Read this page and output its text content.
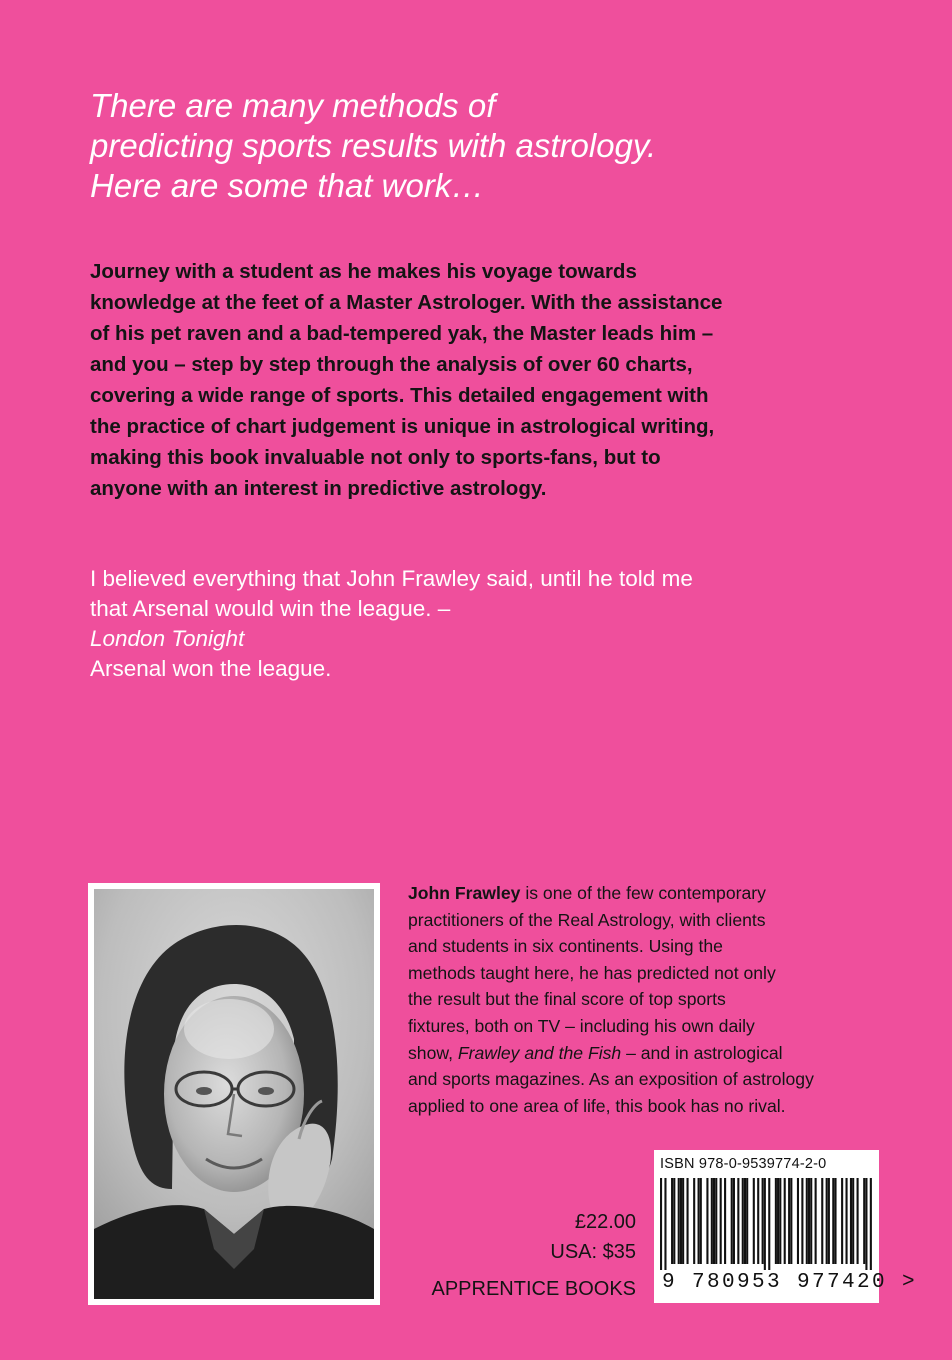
There are many methods of
predicting sports results with astrology.
Here are some that work…

Journey with a student as he makes his voyage towards
knowledge at the feet of a Master Astrologer. With the assistance
of his pet raven and a bad-tempered yak, the Master leads him –
and you – step by step through the analysis of over 60 charts,
covering a wide range of sports. This detailed engagement with
the practice of chart judgement is unique in astrological writing,
making this book invaluable not only to sports-fans, but to
anyone with an interest in predictive astrology.

I believed everything that John Frawley said, until he told me
that Arsenal would win the league. –
London Tonight
Arsenal won the league.

John Frawley is one of the few contemporary
practitioners of the Real Astrology, with clients
and students in six continents. Using the
methods taught here, he has predicted not only
the result but the final score of top sports
fixtures, both on TV – including his own daily
show, Frawley and the Fish – and in astrological
and sports magazines. As an exposition of astrology
applied to one area of life, this book has no rival.

£22.00
USA: $35
APPRENTICE BOOKS
ISBN 978-0-9539774-2-0
9 780953 977420 >
